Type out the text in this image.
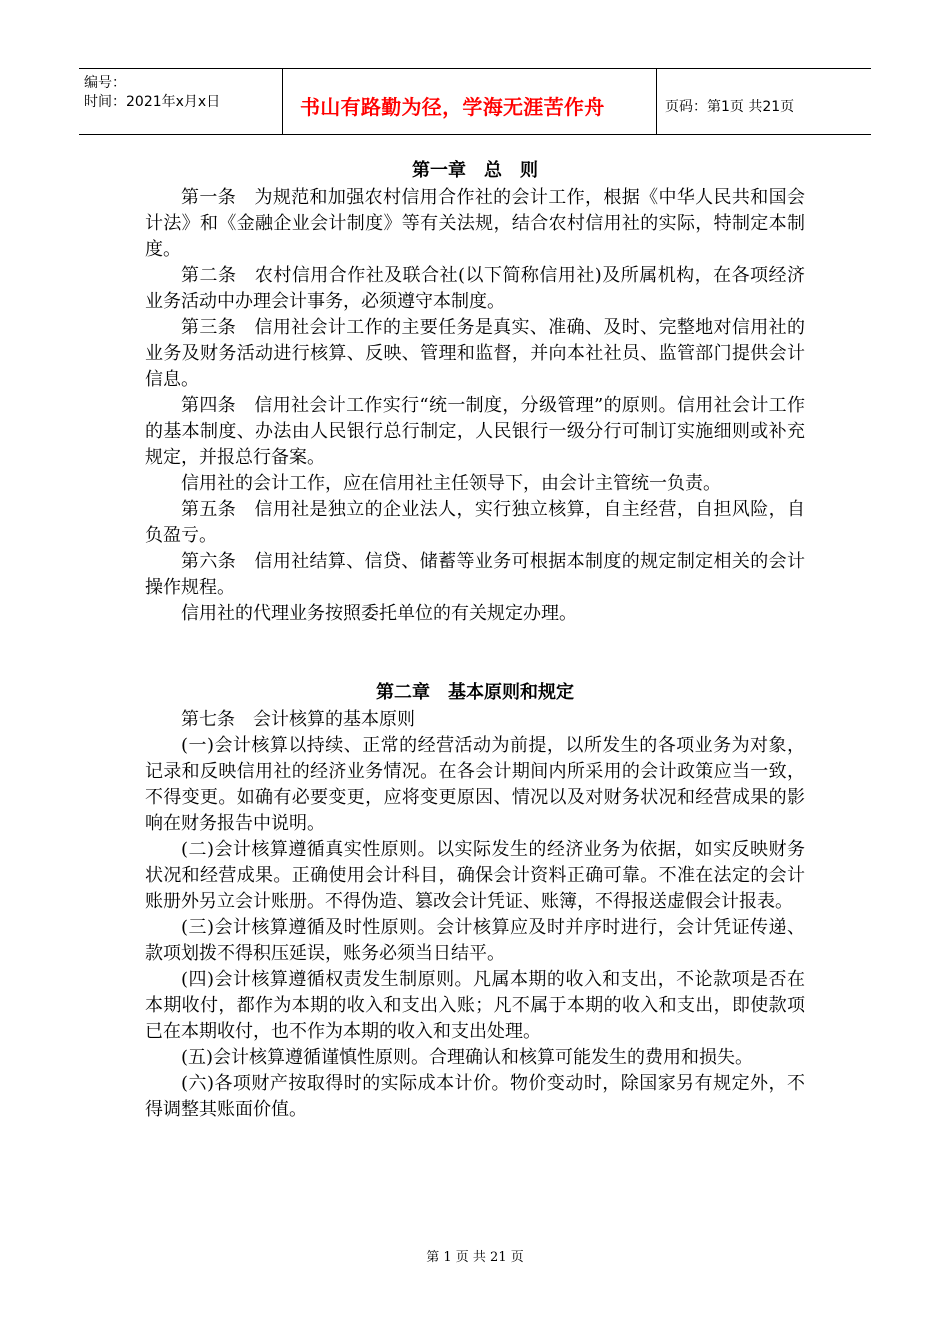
编号：
时间：2021年x月x日	书山有路勤为径，学海无涯苦作舟	页码：第1页 共21页
第一章　总　则

第一条　为规范和加强农村信用合作社的会计工作，根据《中华人民共和国会计法》和《金融企业会计制度》等有关法规，结合农村信用社的实际，特制定本制度。

第二条　农村信用合作社及联合社(以下简称信用社)及所属机构，在各项经济业务活动中办理会计事务，必须遵守本制度。

第三条　信用社会计工作的主要任务是真实、准确、及时、完整地对信用社的业务及财务活动进行核算、反映、管理和监督，并向本社社员、监管部门提供会计信息。

第四条　信用社会计工作实行“统一制度，分级管理”的原则。信用社会计工作的基本制度、办法由人民银行总行制定，人民银行一级分行可制订实施细则或补充规定，并报总行备案。

信用社的会计工作，应在信用社主任领导下，由会计主管统一负责。

第五条　信用社是独立的企业法人，实行独立核算，自主经营，自担风险，自负盈亏。

第六条　信用社结算、信贷、储蓄等业务可根据本制度的规定制定相关的会计操作规程。

信用社的代理业务按照委托单位的有关规定办理。

第二章　基本原则和规定

第七条　会计核算的基本原则

(一)会计核算以持续、正常的经营活动为前提，以所发生的各项业务为对象，记录和反映信用社的经济业务情况。在各会计期间内所采用的会计政策应当一致，不得变更。如确有必要变更，应将变更原因、情况以及对财务状况和经营成果的影响在财务报告中说明。

(二)会计核算遵循真实性原则。以实际发生的经济业务为依据，如实反映财务状况和经营成果。正确使用会计科目，确保会计资料正确可靠。不准在法定的会计账册外另立会计账册。不得伪造、篡改会计凭证、账簿，不得报送虚假会计报表。

(三)会计核算遵循及时性原则。会计核算应及时并序时进行，会计凭证传递、款项划拨不得积压延误，账务必须当日结平。

(四)会计核算遵循权责发生制原则。凡属本期的收入和支出，不论款项是否在本期收付，都作为本期的收入和支出入账；凡不属于本期的收入和支出，即使款项已在本期收付，也不作为本期的收入和支出处理。

(五)会计核算遵循谨慎性原则。合理确认和核算可能发生的费用和损失。

(六)各项财产按取得时的实际成本计价。物价变动时，除国家另有规定外，不得调整其账面价值。

第 1 页 共 21 页
